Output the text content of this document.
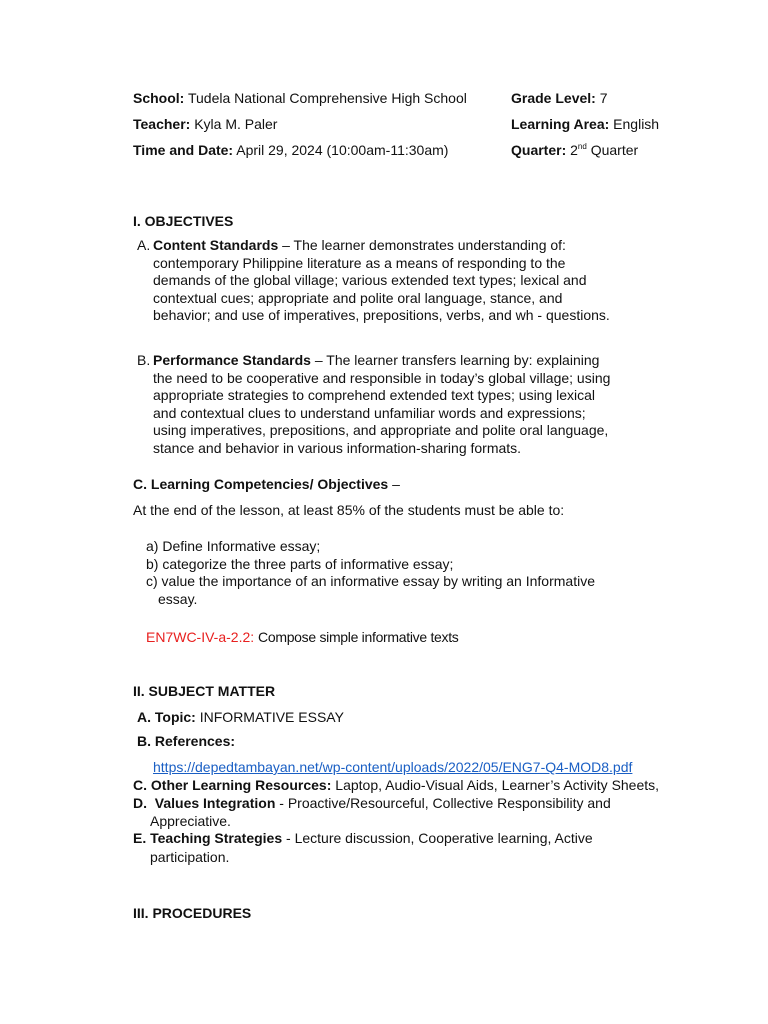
School: Tudela National Comprehensive High School	Grade Level: 7
Teacher: Kyla M. Paler	Learning Area: English
Time and Date: April 29, 2024 (10:00am-11:30am)	Quarter: 2nd Quarter
I. OBJECTIVES
A. Content Standards – The learner demonstrates understanding of:
contemporary Philippine literature as a means of responding to the
demands of the global village; various extended text types; lexical and
contextual cues; appropriate and polite oral language, stance, and
behavior; and use of imperatives, prepositions, verbs, and wh - questions.
B. Performance Standards – The learner transfers learning by: explaining
the need to be cooperative and responsible in today’s global village; using
appropriate strategies to comprehend extended text types; using lexical
and contextual clues to understand unfamiliar words and expressions;
using imperatives, prepositions, and appropriate and polite oral language,
stance and behavior in various information-sharing formats.
C. Learning Competencies/ Objectives –
At the end of the lesson, at least 85% of the students must be able to:
a) Define Informative essay;
b) categorize the three parts of informative essay;
c) value the importance of an informative essay by writing an Informative
essay.
EN7WC-IV-a-2.2: Compose simple informative texts
II. SUBJECT MATTER
A. Topic: INFORMATIVE ESSAY
B. References:
https://depedtambayan.net/wp-content/uploads/2022/05/ENG7-Q4-MOD8.pdf
C. Other Learning Resources: Laptop, Audio-Visual Aids, Learner’s Activity Sheets,
D. Values Integration - Proactive/Resourceful, Collective Responsibility and
Appreciative.
E. Teaching Strategies - Lecture discussion, Cooperative learning, Active
participation.
III. PROCEDURES
